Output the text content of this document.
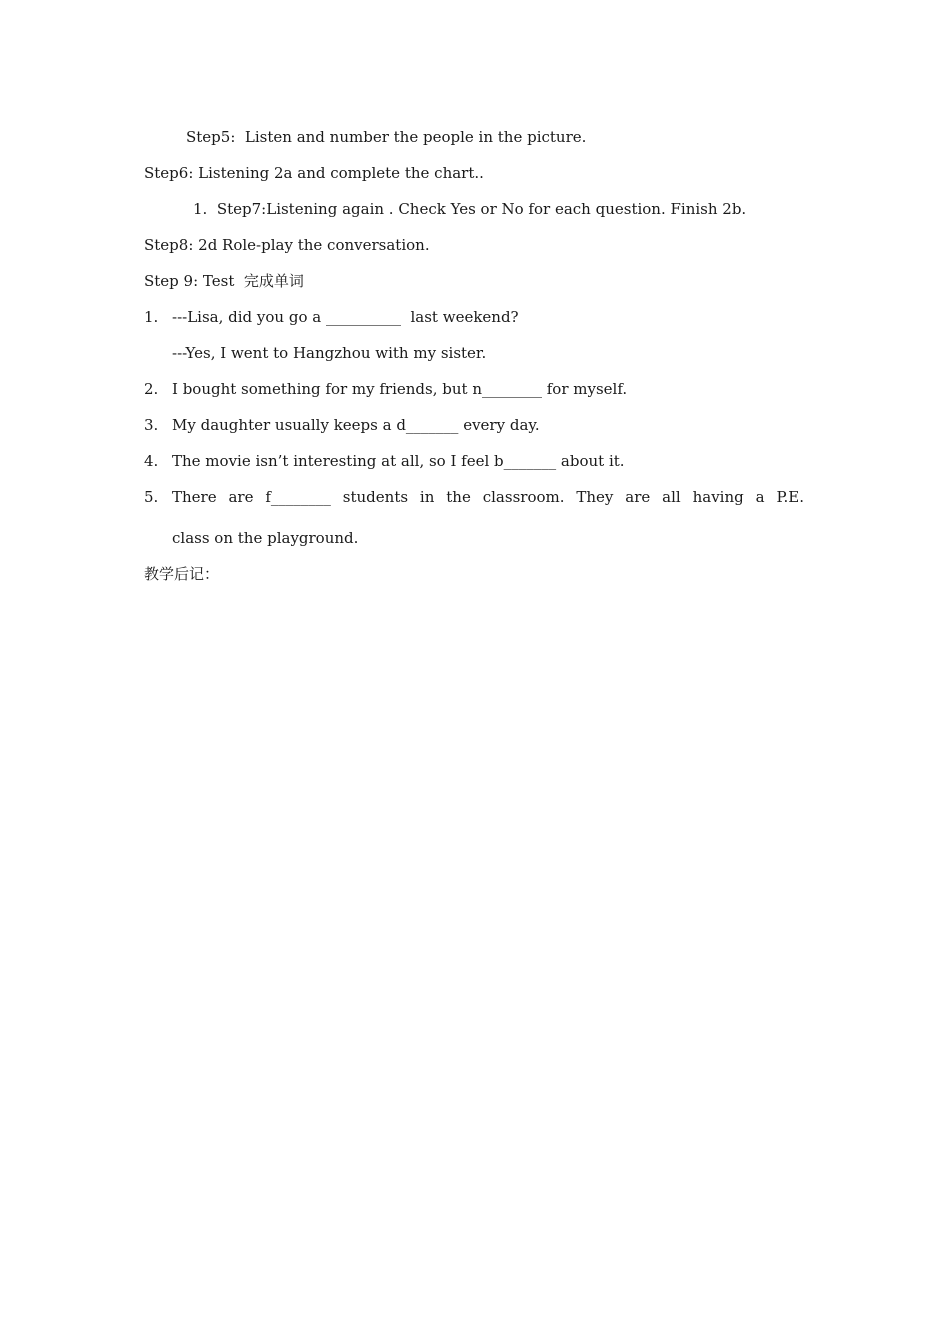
Step5:  Listen and number the people in the picture.
Step6: Listening 2a and complete the chart..
1.  Step7:Listening again . Check Yes or No for each question. Finish 2b.
Step8: 2d Role-play the conversation.
Step 9: Test  完成单词
1. ---Lisa, did you go a __________  last weekend?
---Yes, I went to Hangzhou with my sister.
2. I bought something for my friends, but n________ for myself.
3. My daughter usually keeps a d_______ every day.
4. The movie isn’t interesting at all, so I feel b_______ about it.
5. There are f________ students in the classroom. They are all having a P.E.
class on the playground.
教学后记：
